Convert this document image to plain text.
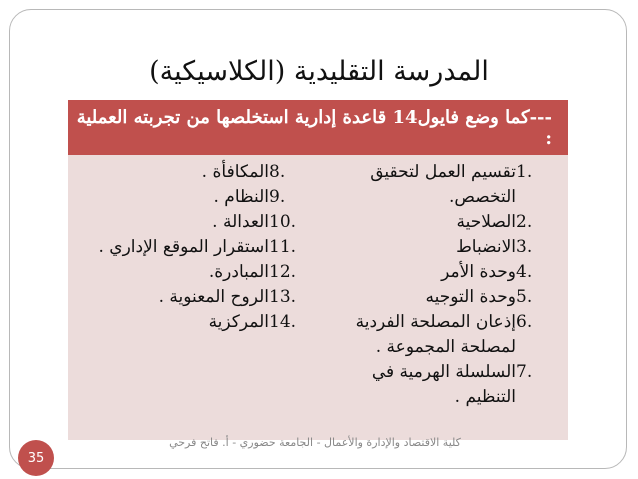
المدرسة التقليدية (الكلاسيكية)
---كما وضع فايول14 قاعدة إدارية استخلصها من تجربته العملية :
1.
تقسيم العمل لتحقيق التخصص.
2.
الصلاحية
3.
الانضباط
4.
وحدة الأمر
5.
وحدة التوجيه
6.
إذعان المصلحة الفردية
لمصلحة المجموعة .
7.
السلسلة الهرمية في التنظيم .
8.
المكافأة .
9.
النظام .
10.
العدالة .
11.
استقرار الموقع الإداري .
12.
المبادرة.
13.
الروح المعنوية .
14.
المركزية
كلية الاقتصاد والإدارة والأعمال - الجامعة حضوري - أ. فاتح فرحي
35
